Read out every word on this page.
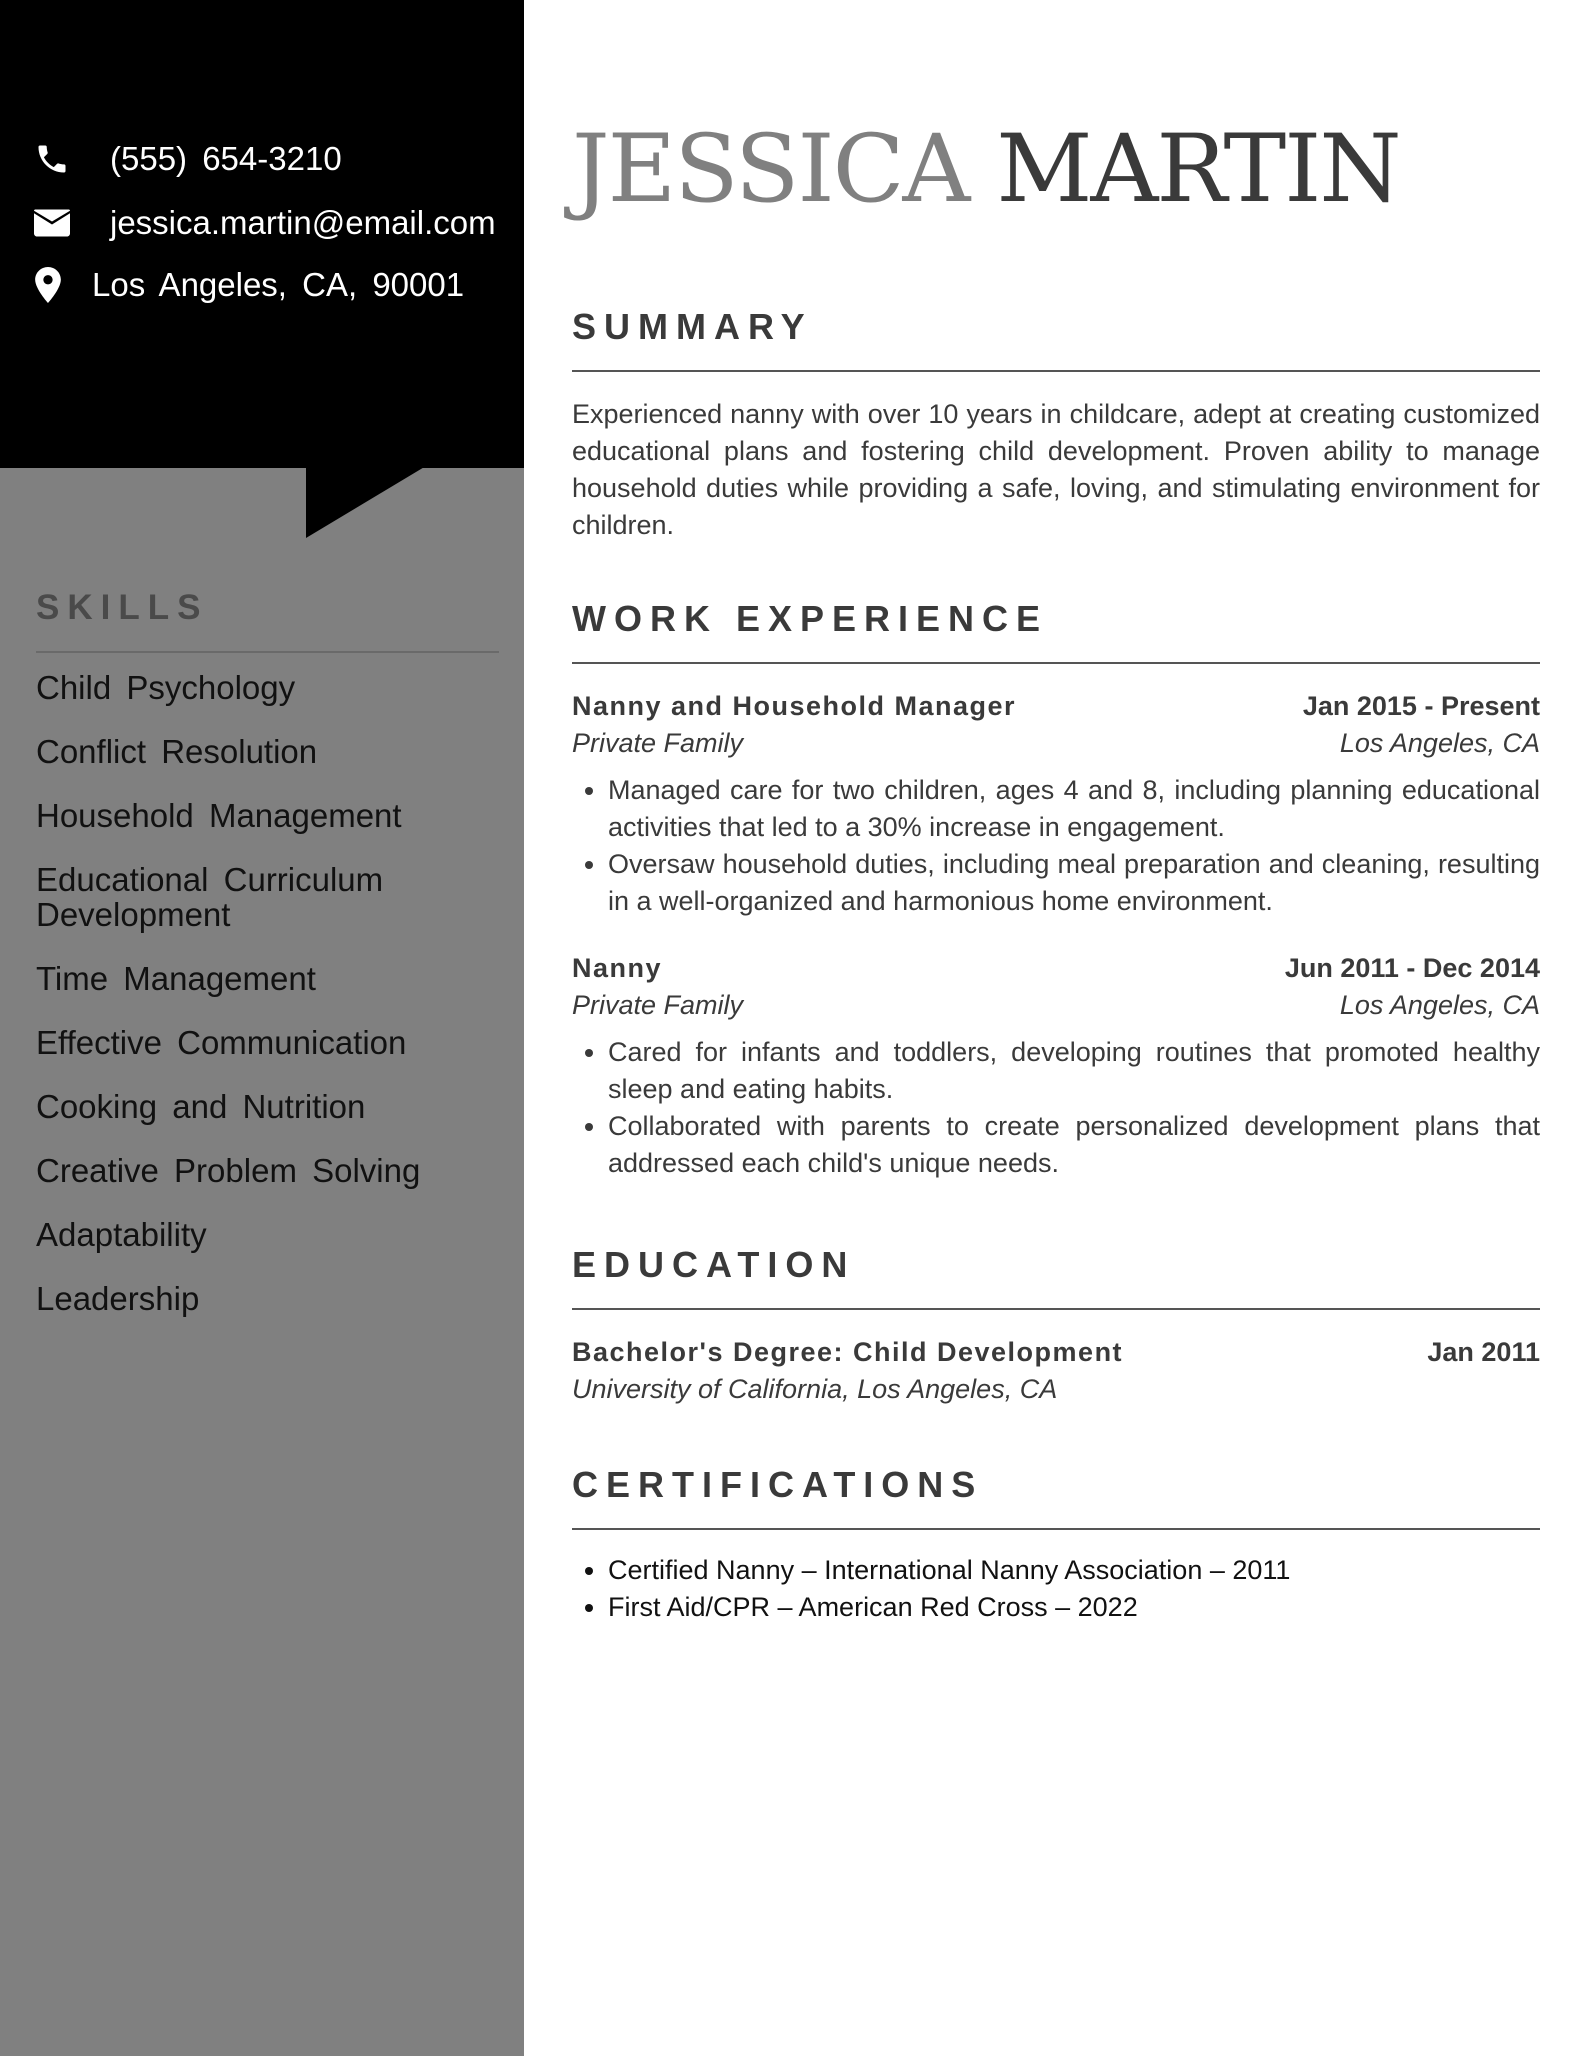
(555) 654-3210
jessica.martin@email.com
Los Angeles, CA, 90001
SKILLS
Child Psychology
Conflict Resolution
Household Management
Educational Curriculum Development
Time Management
Effective Communication
Cooking and Nutrition
Creative Problem Solving
Adaptability
Leadership
JESSICA MARTIN
SUMMARY

Experienced nanny with over 10 years in childcare, adept at creating customized educational plans and fostering child development. Proven ability to manage household duties while providing a safe, loving, and stimulating environment for children.

WORK EXPERIENCE
Nanny and Household Manager	Jan 2015 - Present
Private Family	Los Angeles, CA
• Managed care for two children, ages 4 and 8, including planning educational activities that led to a 30% increase in engagement.
• Oversaw household duties, including meal preparation and cleaning, resulting in a well-organized and harmonious home environment.
Nanny	Jun 2011 - Dec 2014
Private Family	Los Angeles, CA
• Cared for infants and toddlers, developing routines that promoted healthy sleep and eating habits.
• Collaborated with parents to create personalized development plans that addressed each child's unique needs.
EDUCATION
Bachelor's Degree: Child Development	Jan 2011
University of California, Los Angeles, CA
CERTIFICATIONS
• Certified Nanny – International Nanny Association – 2011
• First Aid/CPR – American Red Cross – 2022
